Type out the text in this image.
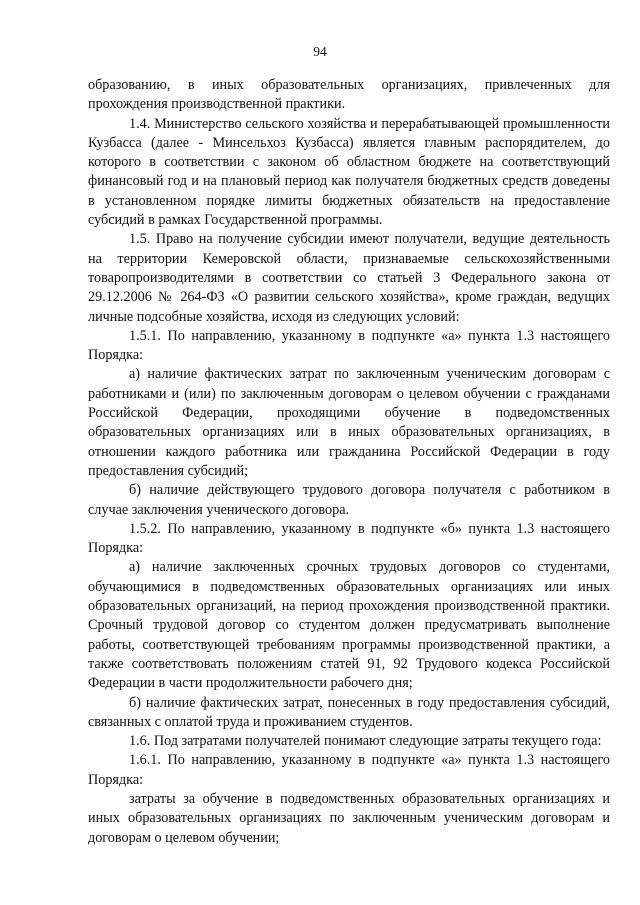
94

образованию, в иных образовательных организациях, привлеченных для прохождения производственной практики.

1.4. Министерство сельского хозяйства и перерабатывающей промышленности Кузбасса (далее - Минсельхоз Кузбасса) является главным распорядителем, до которого в соответствии с законом об областном бюджете на соответствующий финансовый год и на плановый период как получателя бюджетных средств доведены в установленном порядке лимиты бюджетных обязательств на предоставление субсидий в рамках Государственной программы.

1.5. Право на получение субсидии имеют получатели, ведущие деятельность на территории Кемеровской области, признаваемые сельскохозяйственными товаропроизводителями в соответствии со статьей 3 Федерального закона от 29.12.2006 № 264-ФЗ «О развитии сельского хозяйства», кроме граждан, ведущих личные подсобные хозяйства, исходя из следующих условий:

1.5.1. По направлению, указанному в подпункте «а» пункта 1.3 настоящего Порядка:

а) наличие фактических затрат по заключенным ученическим договорам с работниками и (или) по заключенным договорам о целевом обучении с гражданами Российской Федерации, проходящими обучение в подведомственных образовательных организациях или в иных образовательных организациях, в отношении каждого работника или гражданина Российской Федерации в году предоставления субсидий;

б) наличие действующего трудового договора получателя с работником в случае заключения ученического договора.

1.5.2. По направлению, указанному в подпункте «б» пункта 1.3 настоящего Порядка:

а) наличие заключенных срочных трудовых договоров со студентами, обучающимися в подведомственных образовательных организациях или иных образовательных организаций, на период прохождения производственной практики. Срочный трудовой договор со студентом должен предусматривать выполнение работы, соответствующей требованиям программы производственной практики, а также соответствовать положениям статей 91, 92 Трудового кодекса Российской Федерации в части продолжительности рабочего дня;

б) наличие фактических затрат, понесенных в году предоставления субсидий, связанных с оплатой труда и проживанием студентов.

1.6. Под затратами получателей понимают следующие затраты текущего года:

1.6.1. По направлению, указанному в подпункте «а» пункта 1.3 настоящего Порядка:

затраты за обучение в подведомственных образовательных организациях и иных образовательных организациях по заключенным ученическим договорам и договорам о целевом обучении;
